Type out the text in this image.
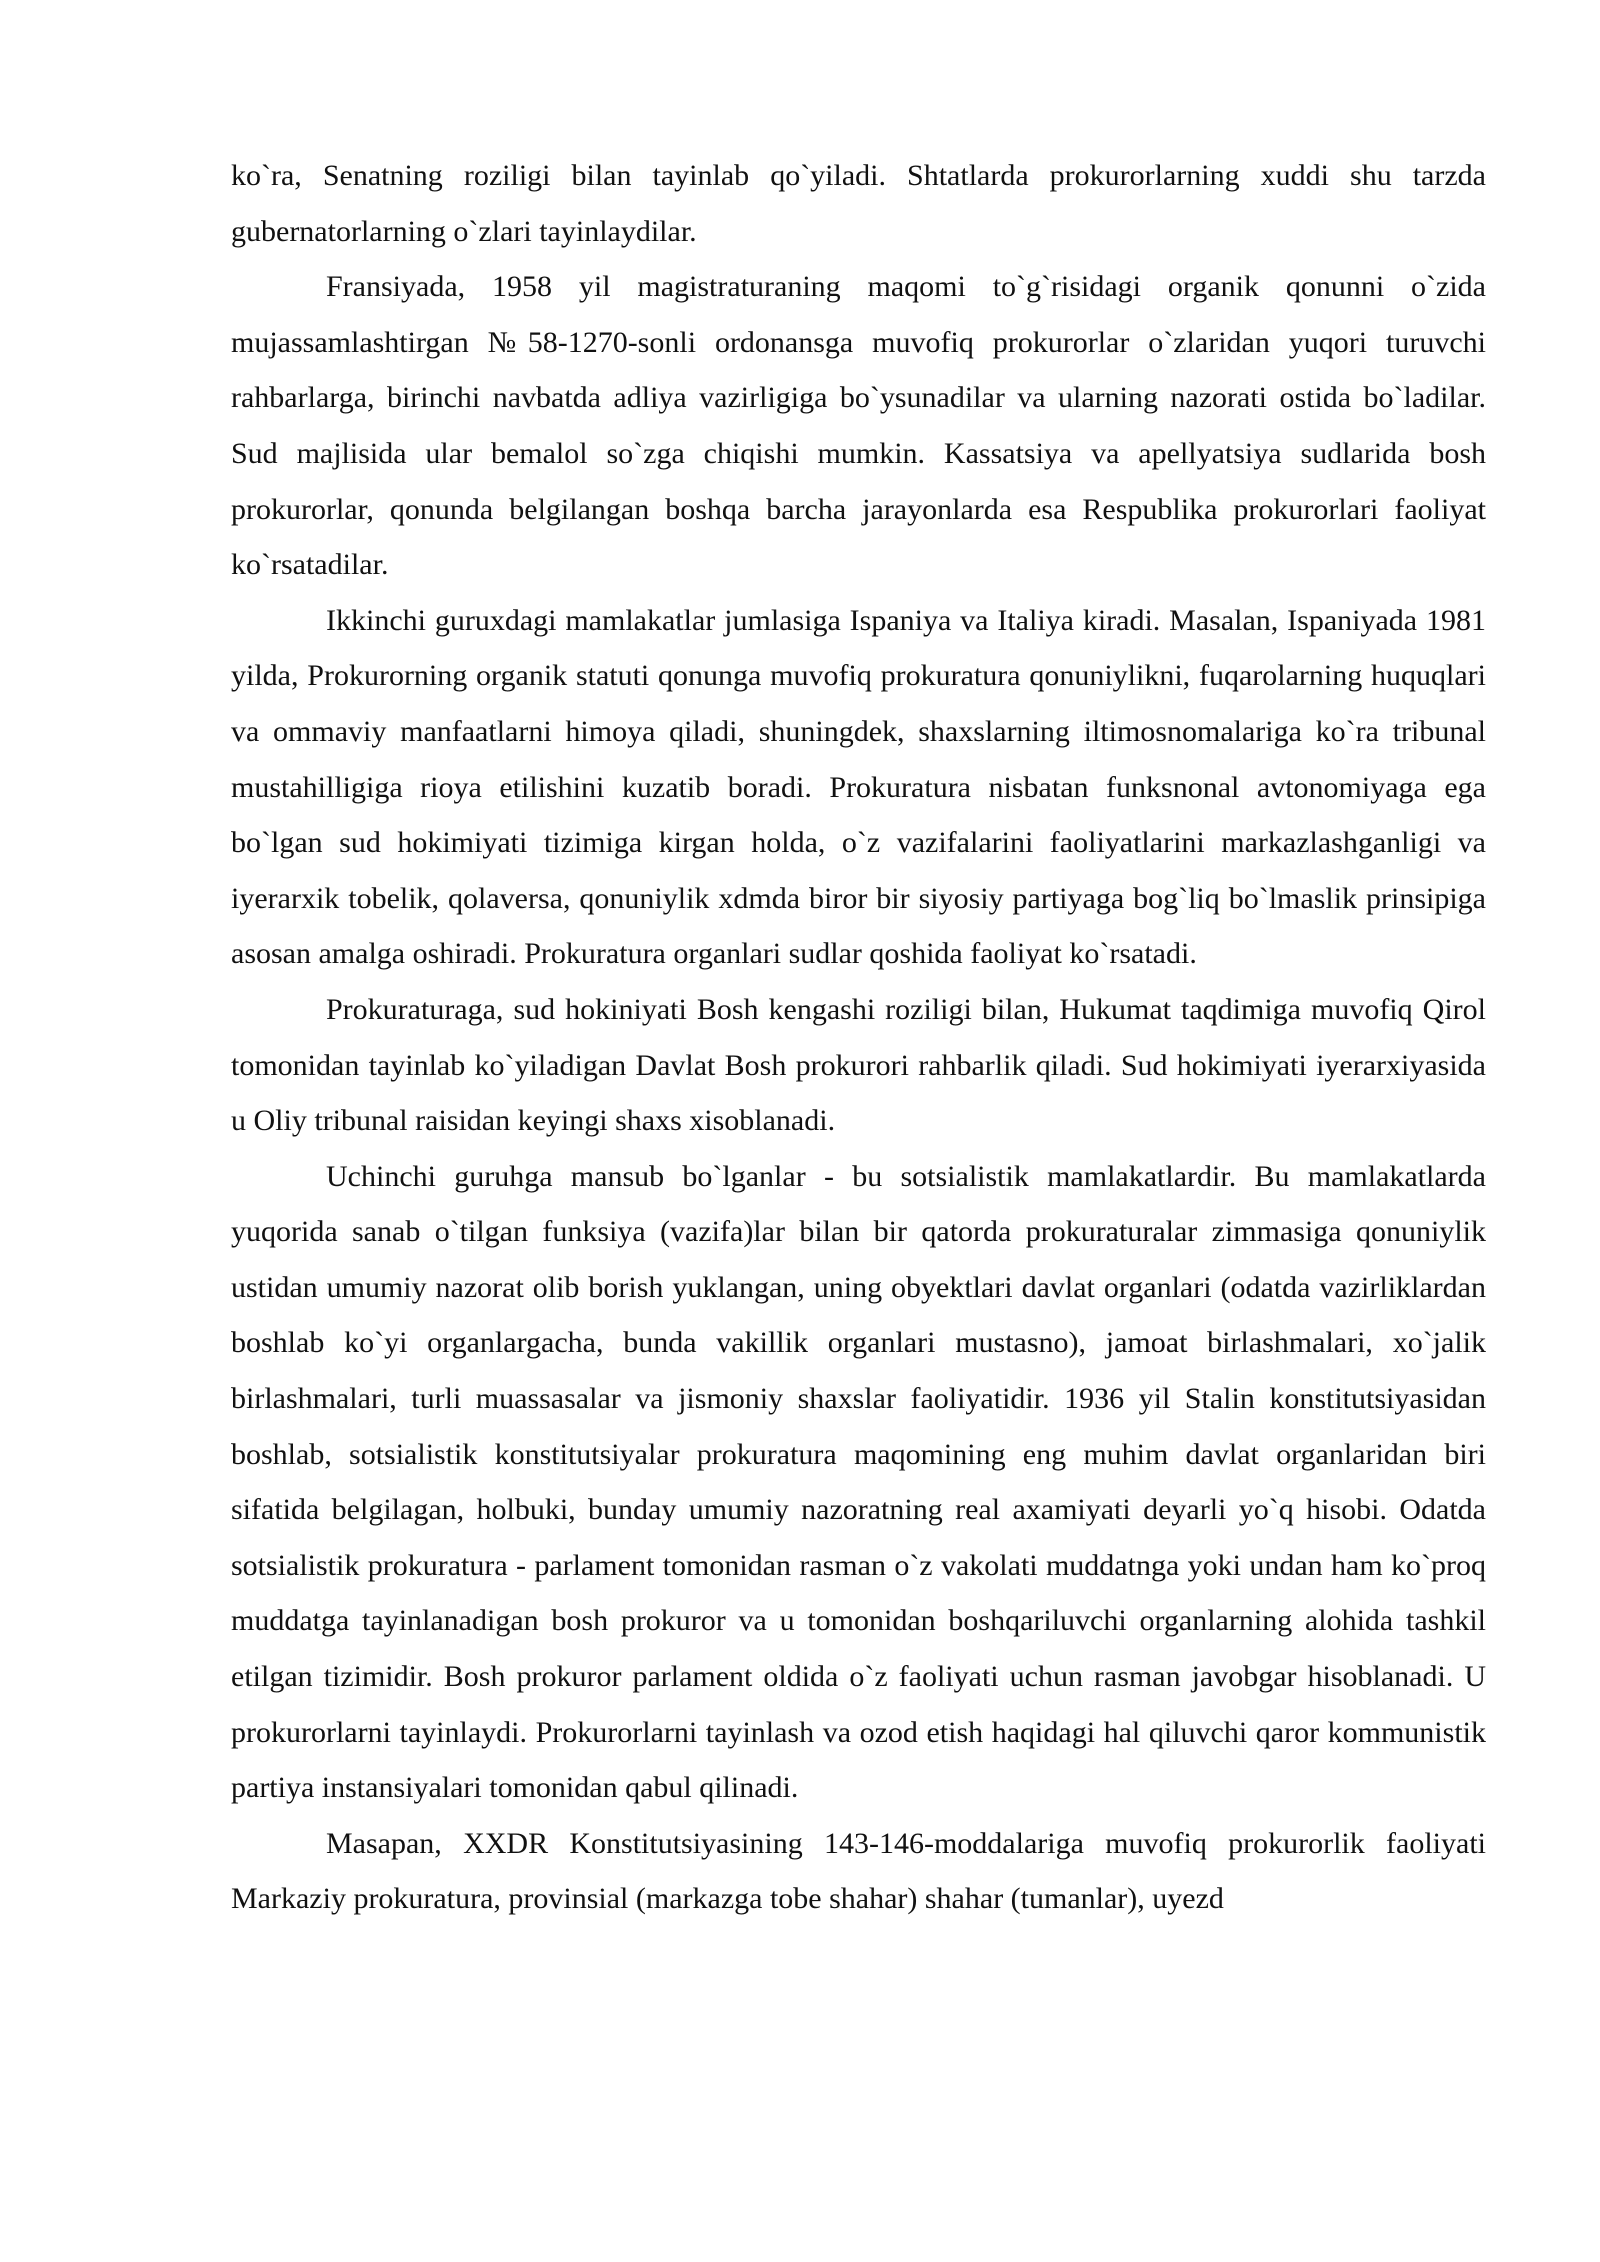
ko`ra, Senatning roziligi bilan tayinlab qo`yiladi. Shtatlarda prokurorlarning xuddi shu tarzda gubernatorlarning o`zlari tayinlaydilar.

Fransiyada, 1958 yil magistraturaning maqomi to`g`risidagi organik qonunni o`zida mujassamlashtirgan №58-1270-sonli ordonansga muvofiq prokurorlar o`zlaridan yuqori turuvchi rahbarlarga, birinchi navbatda adliya vazirligiga bo`ysunadilar va ularning nazorati ostida bo`ladilar. Sud majlisida ular bemalol so`zga chiqishi mumkin. Kassatsiya va apellyatsiya sudlarida bosh prokurorlar, qonunda belgilangan boshqa barcha jarayonlarda esa Respublika prokurorlari faoliyat ko`rsatadilar.

Ikkinchi guruxdagi mamlakatlar jumlasiga Ispaniya va Italiya kiradi. Masalan, Ispaniyada 1981 yilda, Prokurorning organik statuti qonunga muvofiq prokuratura qonuniylikni, fuqarolarning huquqlari va ommaviy manfaatlarni himoya qiladi, shuningdek, shaxslarning iltimosnomalariga ko`ra tribunal mustahilligiga rioya etilishini kuzatib boradi. Prokuratura nisbatan funksnonal avtonomiyaga ega bo`lgan sud hokimiyati tizimiga kirgan holda, o`z vazifalarini faoliyatlarini markazlashganligi va iyerarxik tobelik, qolaversa, qonuniylik xdmda biror bir siyosiy partiyaga bog`liq bo`lmaslik prinsipiga asosan amalga oshiradi. Prokuratura organlari sudlar qoshida faoliyat ko`rsatadi.

Prokuraturaga, sud hokiniyati Bosh kengashi roziligi bilan, Hukumat taqdimiga muvofiq Qirol tomonidan tayinlab ko`yiladigan Davlat Bosh prokurori rahbarlik qiladi. Sud hokimiyati iyerarxiyasida u Oliy tribunal raisidan keyingi shaxs xisoblanadi.

Uchinchi guruhga mansub bo`lganlar - bu sotsialistik mamlakatlardir. Bu mamlakatlarda yuqorida sanab o`tilgan funksiya (vazifa)lar bilan bir qatorda prokuraturalar zimmasiga qonuniylik ustidan umumiy nazorat olib borish yuklangan, uning obyektlari davlat organlari (odatda vazirliklardan boshlab ko`yi organlargacha, bunda vakillik organlari mustasno), jamoat birlashmalari, xo`jalik birlashmalari, turli muassasalar va jismoniy shaxslar faoliyatidir. 1936 yil Stalin konstitutsiyasidan boshlab, sotsialistik konstitutsiyalar prokuratura maqomining eng muhim davlat organlaridan biri sifatida belgilagan, holbuki, bunday umumiy nazoratning real axamiyati deyarli yo`q hisobi. Odatda sotsialistik prokuratura - parlament tomonidan rasman o`z vakolati muddatnga yoki undan ham ko`proq muddatga tayinlanadigan bosh prokuror va u tomonidan boshqariluvchi organlarning alohida tashkil etilgan tizimidir. Bosh prokuror parlament oldida o`z faoliyati uchun rasman javobgar hisoblanadi. U prokurorlarni tayinlaydi. Prokurorlarni tayinlash va ozod etish haqidagi hal qiluvchi qaror kommunistik partiya instansiyalari tomonidan qabul qilinadi.

Masapan, XXDR Konstitutsiyasining 143-146-moddalariga muvofiq prokurorlik faoliyati Markaziy prokuratura, provinsial (markazga tobe shahar) shahar (tumanlar), uyezd
